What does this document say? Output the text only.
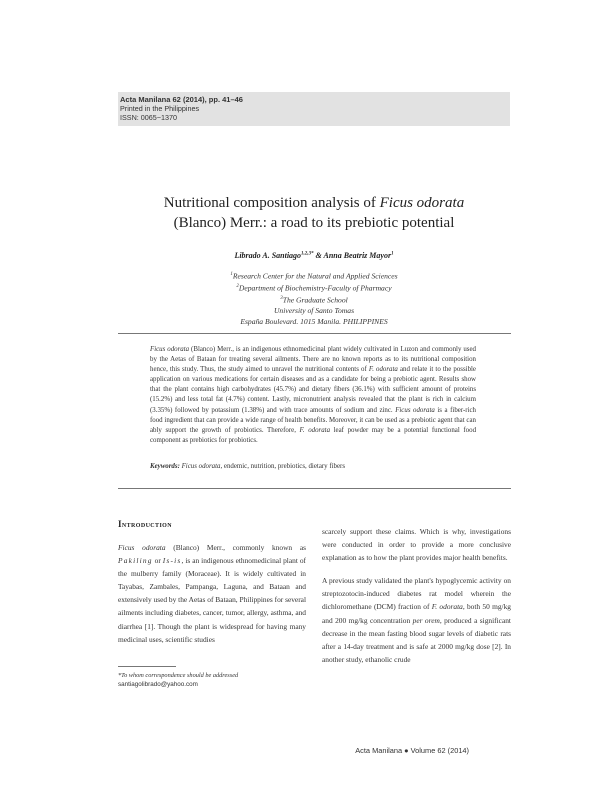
Acta Manilana 62 (2014), pp. 41–46
Printed in the Philippines
ISSN: 0065−1370
Nutritional composition analysis of Ficus odorata
(Blanco) Merr.: a road to its prebiotic potential
Librado A. Santiago$^{1,2,3*}$ & Anna Beatriz Mayor$^1$
$^1$Research Center for the Natural and Applied Sciences
$^2$Department of Biochemistry-Faculty of Pharmacy
$^3$The Graduate School
University of Santo Tomas
España Boulevard. 1015 Manila. PHILIPPINES
Ficus odorata (Blanco) Merr., is an indigenous ethnomedicinal plant widely cultivated in Luzon and commonly used by the Aetas of Bataan for treating several ailments. There are no known reports as to its nutritional composition hence, this study. Thus, the study aimed to unravel the nutritional contents of F. odorata and relate it to the possible application on various medications for certain diseases and as a candidate for being a prebiotic agent. Results show that the plant contains high carbohydrates (45.7%) and dietary fibers (36.1%) with sufficient amount of proteins (15.2%) and less total fat (4.7%) content. Lastly, micronutrient analysis revealed that the plant is rich in calcium (3.35%) followed by potassium (1.38%) and with trace amounts of sodium and zinc. Ficus odorata is a fiber-rich food ingredient that can provide a wide range of health benefits. Moreover, it can be used as a prebiotic agent that can ably support the growth of probiotics. Therefore, F. odorata leaf powder may be a potential functional food component as prebiotics for probiotics.
Keywords: Ficus odorata, endemic, nutrition, prebiotics, dietary fibers
Introduction

Ficus odorata (Blanco) Merr., commonly known as Pakiling or Is-is, is an indigenous ethnomedicinal plant of the mulberry family (Moraceae). It is widely cultivated in Tayabas, Zambales, Pampanga, Laguna, and Bataan and extensively used by the Aetas of Bataan, Philippines for several ailments including diabetes, cancer, tumor, allergy, asthma, and diarrhea [1]. Though the plant is widespread for having many medicinal uses, scientific studies

scarcely support these claims. Which is why, investigations were conducted in order to provide a more conclusive explanation as to how the plant provides major health benefits.

A previous study validated the plant's hypoglycemic activity on streptozotocin-induced diabetes rat model wherein the dichloromethane (DCM) fraction of F. odorata, both 50 mg/kg and 200 mg/kg concentration per orem, produced a significant decrease in the mean fasting blood sugar levels of diabetic rats after a 14-day treatment and is safe at 2000 mg/kg dose [2]. In another study, ethanolic crude

*To whom correspondence should be addressed
santiagolibrado@yahoo.com
Acta Manilana ● Volume 62 (2014)
